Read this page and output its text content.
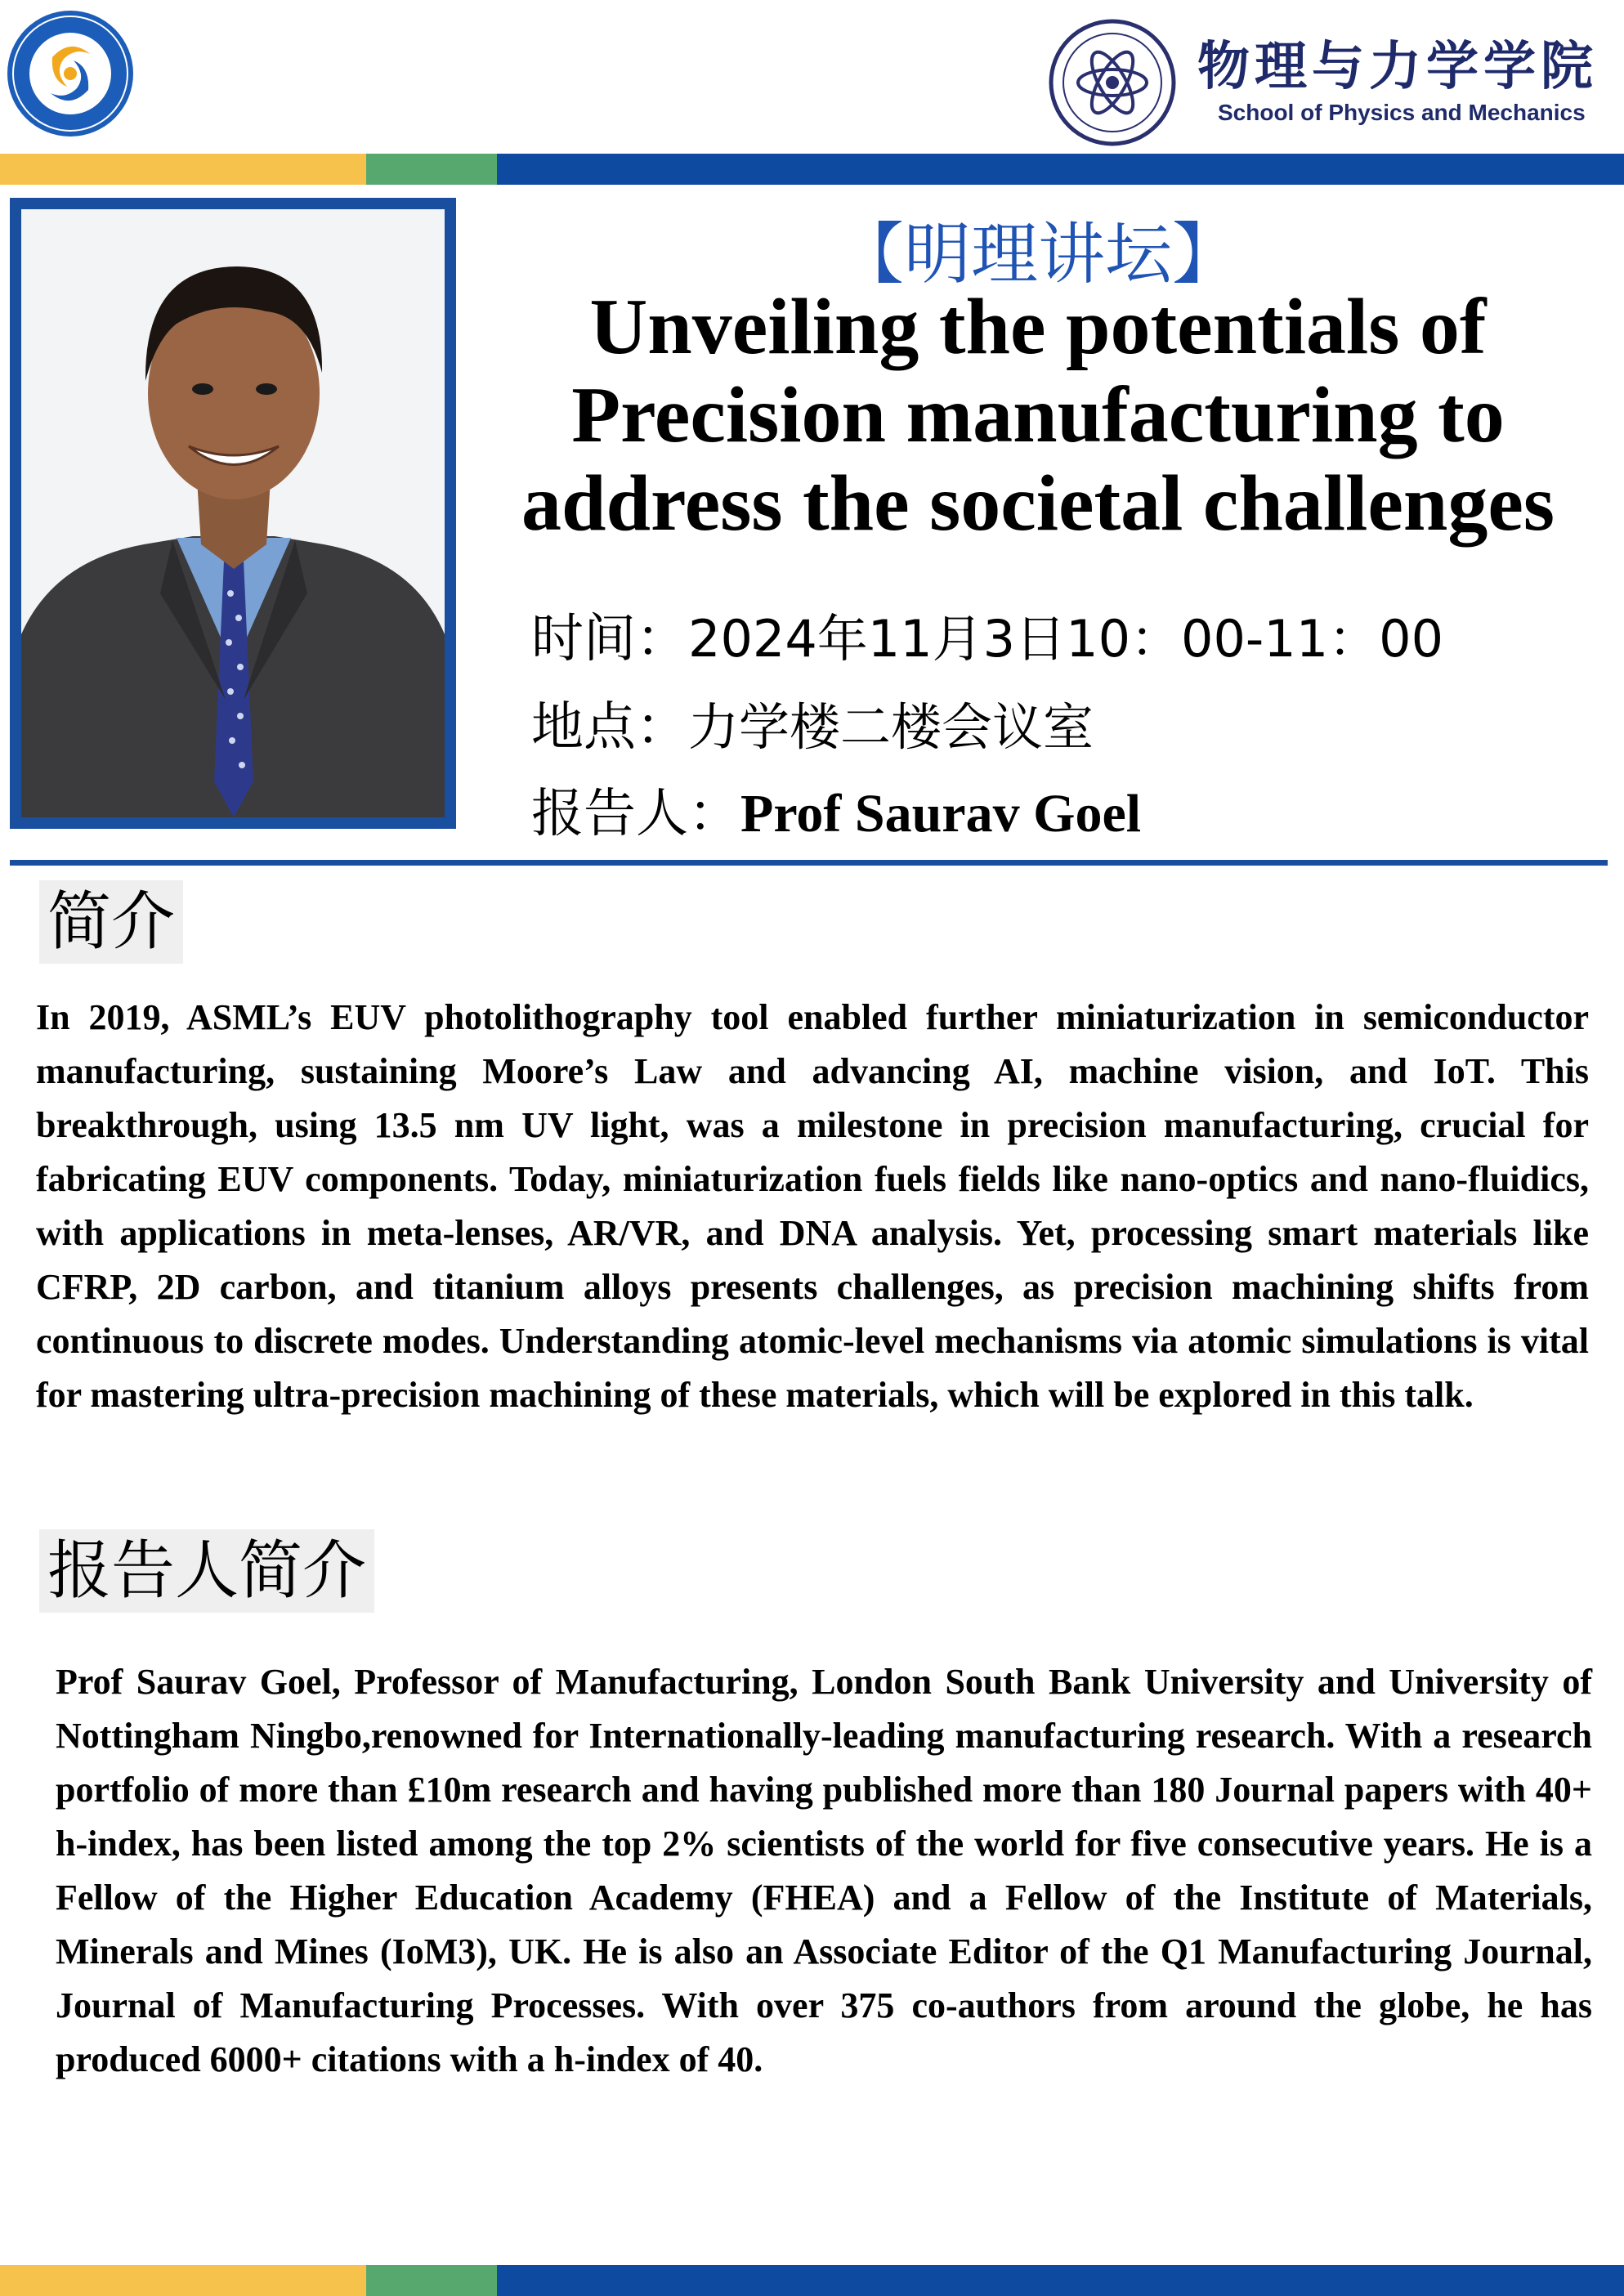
物理与力学学院
School of Physics and Mechanics
【明理讲坛】
Unveiling the potentials of
Precision manufacturing to
address the societal challenges
时间：2024年11月3日10：00-11：00
地点：力学楼二楼会议室
报告人：Prof Saurav Goel
简介
In 2019, ASML’s EUV photolithography tool enabled further miniaturization in semiconductor manufacturing, sustaining Moore’s Law and advancing AI, machine vision, and IoT. This breakthrough, using 13.5 nm UV light, was a milestone in precision manufacturing, crucial for fabricating EUV components. Today, miniaturization fuels fields like nano-optics and nano-fluidics, with applications in meta-lenses, AR/VR, and DNA analysis. Yet, processing smart materials like CFRP, 2D carbon, and titanium alloys presents challenges, as precision machining shifts from continuous to discrete modes. Understanding atomic-level mechanisms via atomic simulations is vital for mastering ultra-precision machining of these materials, which will be explored in this talk.
报告人简介
Prof Saurav Goel, Professor of Manufacturing, London South Bank University and University of Nottingham Ningbo,renowned for Internationally-leading manufacturing research. With a research portfolio of more than £10m research and having published more than 180 Journal papers with 40+ h-index, has been listed among the top 2% scientists of the world for five consecutive years. He is a Fellow of the Higher Education Academy (FHEA) and a Fellow of the Institute of Materials, Minerals and Mines (IoM3), UK. He is also an Associate Editor of the Q1 Manufacturing Journal, Journal of Manufacturing Processes. With over 375 co-authors from around the globe, he has produced 6000+ citations with a h-index of 40.
